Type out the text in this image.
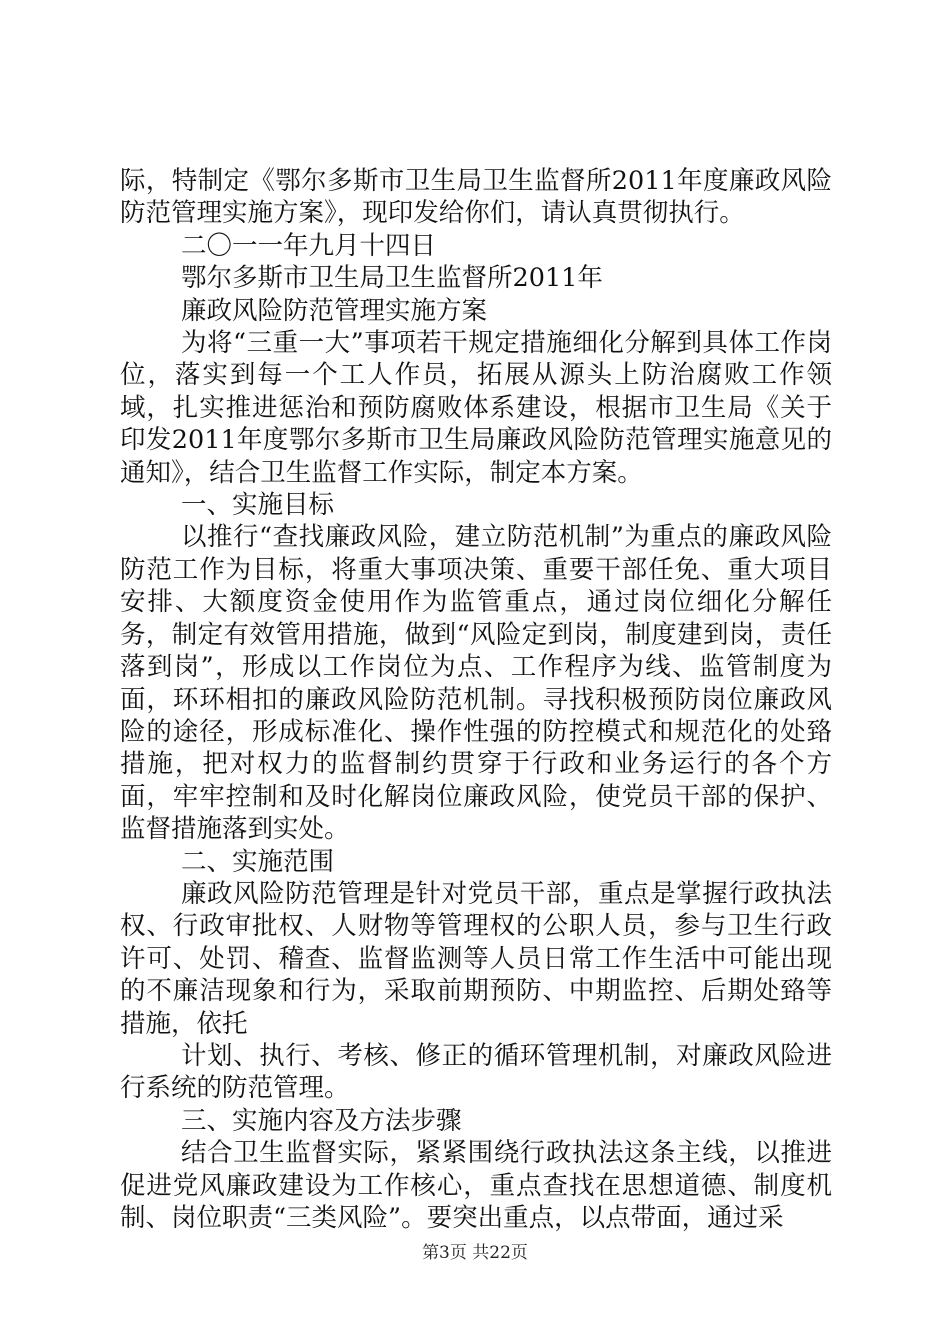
际，特制定《鄂尔多斯市卫生局卫生监督所2011年度廉政风险防范管理实施方案》，现印发给你们，请认真贯彻执行。

二〇一一年九月十四日

鄂尔多斯市卫生局卫生监督所2011年

廉政风险防范管理实施方案

为将“三重一大”事项若干规定措施细化分解到具体工作岗位，落实到每一个工人作员，拓展从源头上防治腐败工作领域，扎实推进惩治和预防腐败体系建设，根据市卫生局《关于印发2011年度鄂尔多斯市卫生局廉政风险防范管理实施意见的通知》，结合卫生监督工作实际，制定本方案。

一、实施目标

以推行“查找廉政风险，建立防范机制”为重点的廉政风险防范工作为目标，将重大事项决策、重要干部任免、重大项目安排、大额度资金使用作为监管重点，通过岗位细化分解任务，制定有效管用措施，做到“风险定到岗，制度建到岗，责任落到岗”，形成以工作岗位为点、工作程序为线、监管制度为面，环环相扣的廉政风险防范机制。寻找积极预防岗位廉政风险的途径，形成标准化、操作性强的防控模式和规范化的处臵措施，把对权力的监督制约贯穿于行政和业务运行的各个方面，牢牢控制和及时化解岗位廉政风险，使党员干部的保护、监督措施落到实处。

二、实施范围

廉政风险防范管理是针对党员干部，重点是掌握行政执法权、行政审批权、人财物等管理权的公职人员，参与卫生行政许可、处罚、稽查、监督监测等人员日常工作生活中可能出现的不廉洁现象和行为，采取前期预防、中期监控、后期处臵等措施，依托

计划、执行、考核、修正的循环管理机制，对廉政风险进行系统的防范管理。

三、实施内容及方法步骤

结合卫生监督实际，紧紧围绕行政执法这条主线，以推进促进党风廉政建设为工作核心，重点查找在思想道德、制度机制、岗位职责“三类风险”。要突出重点，以点带面，通过采

第3页 共22页
